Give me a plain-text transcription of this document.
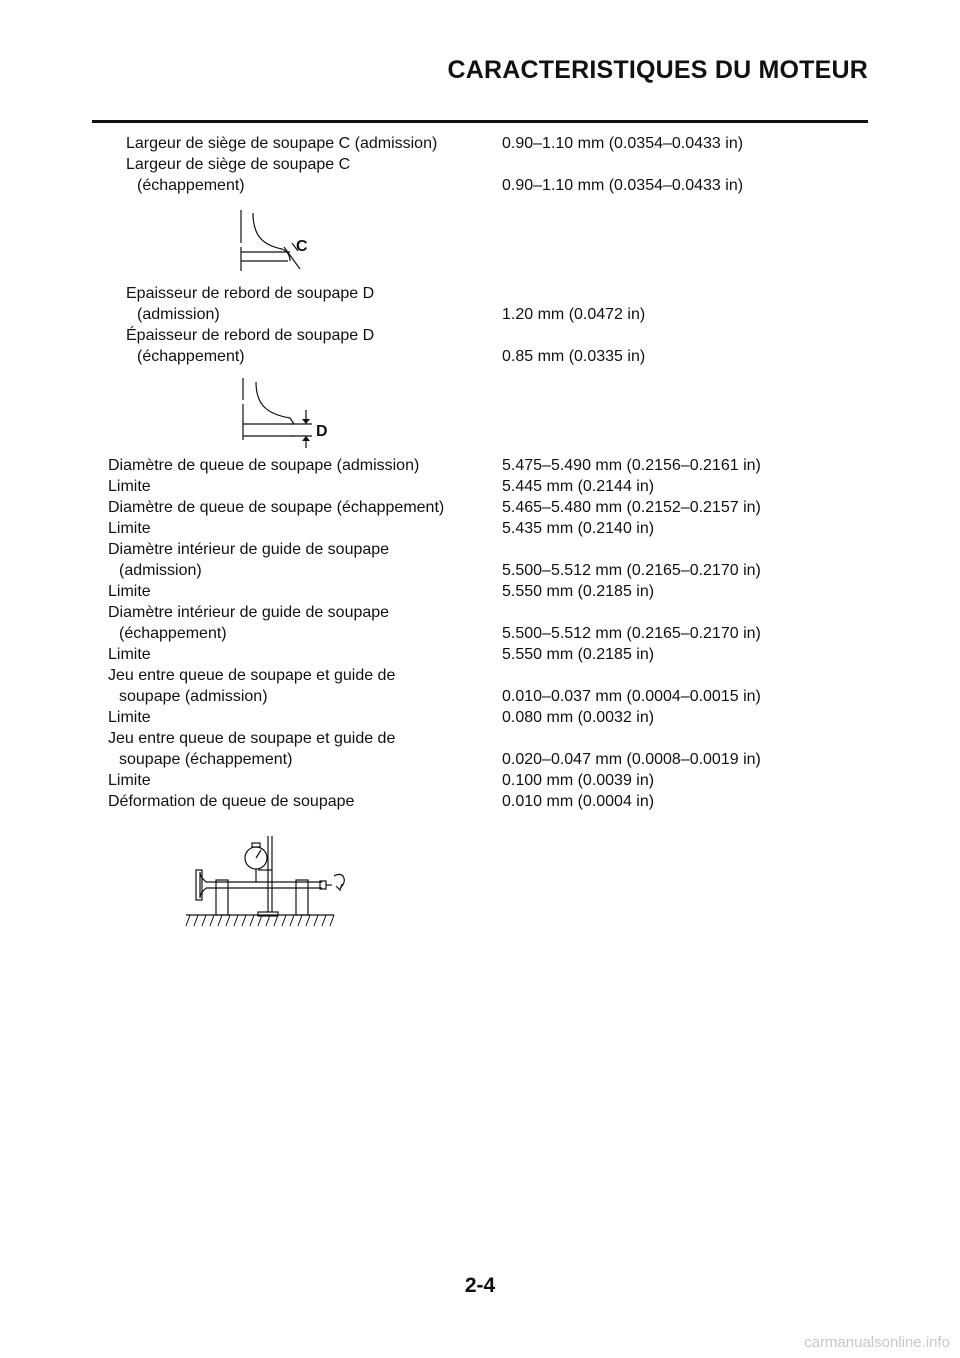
CARACTERISTIQUES DU MOTEUR
Largeur de siège de soupape C (admission)	0.90–1.10 mm (0.0354–0.0433 in)
Largeur de siège de soupape C
(échappement)	0.90–1.10 mm (0.0354–0.0433 in)
C
Epaisseur de rebord de soupape D
(admission)	1.20 mm (0.0472 in)
Épaisseur de rebord de soupape D
(échappement)	0.85 mm (0.0335 in)
D
Diamètre de queue de soupape (admission)	5.475–5.490 mm (0.2156–0.2161 in)
Limite	5.445 mm (0.2144 in)
Diamètre de queue de soupape (échappement)	5.465–5.480 mm (0.2152–0.2157 in)
Limite	5.435 mm (0.2140 in)
Diamètre intérieur de guide de soupape
(admission)	5.500–5.512 mm (0.2165–0.2170 in)
Limite	5.550 mm (0.2185 in)
Diamètre intérieur de guide de soupape
(échappement)	5.500–5.512 mm (0.2165–0.2170 in)
Limite	5.550 mm (0.2185 in)
Jeu entre queue de soupape et guide de
soupape (admission)	0.010–0.037 mm (0.0004–0.0015 in)
Limite	0.080 mm (0.0032 in)
Jeu entre queue de soupape et guide de
soupape (échappement)	0.020–0.047 mm (0.0008–0.0019 in)
Limite	0.100 mm (0.0039 in)
Déformation de queue de soupape	0.010 mm (0.0004 in)
2-4
carmanualsonline.info
